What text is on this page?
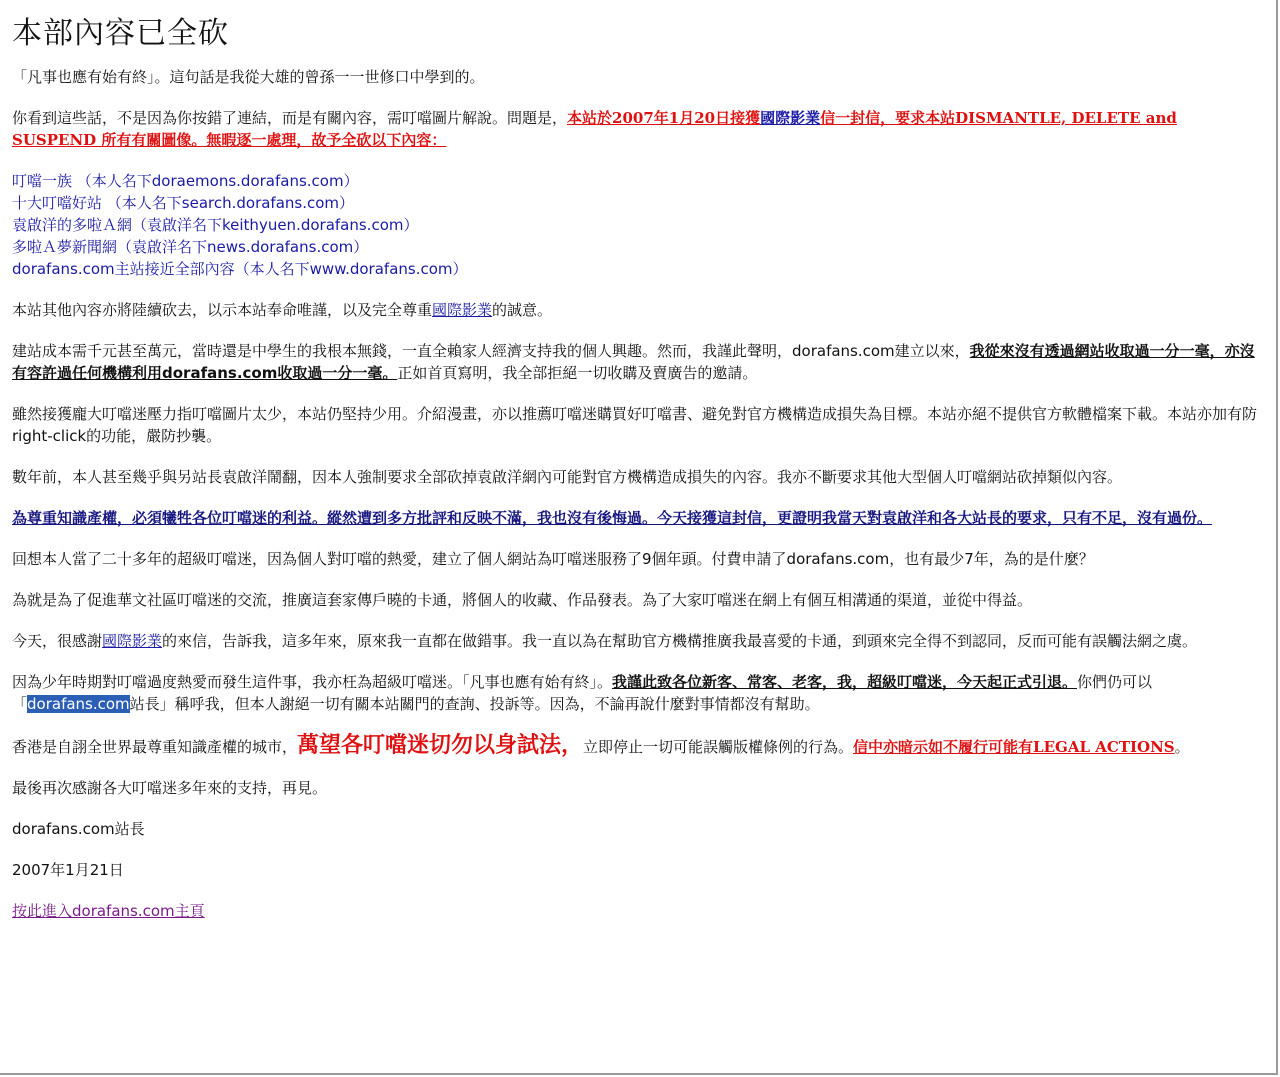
本部內容已全砍

「凡事也應有始有終」。這句話是我從大雄的曾孫一一世修口中學到的。

你看到這些話，不是因為你按錯了連結，而是有關內容，需叮噹圖片解說。問題是，本站於2007年1月20日接獲國際影業信一封信，要求本站DISMANTLE, DELETE and SUSPEND 所有有關圖像。無暇逐一處理，故予全砍以下內容：

叮噹一族 （本人名下doraemons.dorafans.com）
十大叮噹好站 （本人名下search.dorafans.com）
袁啟洋的多啦Ａ網（袁啟洋名下keithyuen.dorafans.com）
多啦Ａ夢新聞網（袁啟洋名下news.dorafans.com）
dorafans.com主站接近全部內容（本人名下www.dorafans.com）

本站其他內容亦將陸續砍去，以示本站奉命唯謹，以及完全尊重國際影業的誠意。

建站成本需千元甚至萬元，當時還是中學生的我根本無錢，一直全賴家人經濟支持我的個人興趣。然而，我謹此聲明，dorafans.com建立以來，我從來沒有透過網站收取過一分一毫，亦沒有容許過任何機構利用dorafans.com收取過一分一毫。正如首頁寫明，我全部拒絕一切收購及賣廣告的邀請。

雖然接獲龐大叮噹迷壓力指叮噹圖片太少，本站仍堅持少用。介紹漫畫，亦以推薦叮噹迷購買好叮噹書、避免對官方機構造成損失為目標。本站亦絕不提供官方軟體檔案下載。本站亦加有防right-click的功能，嚴防抄襲。

數年前，本人甚至幾乎與另站長袁啟洋鬧翻，因本人強制要求全部砍掉袁啟洋網內可能對官方機構造成損失的內容。我亦不斷要求其他大型個人叮噹網站砍掉類似內容。

為尊重知識產權，必須犧牲各位叮噹迷的利益。縱然遭到多方批評和反映不滿，我也沒有後悔過。今天接獲這封信，更證明我當天對袁啟洋和各大站長的要求，只有不足，沒有過份。

回想本人當了二十多年的超級叮噹迷，因為個人對叮噹的熱愛，建立了個人網站為叮噹迷服務了9個年頭。付費申請了dorafans.com，也有最少7年，為的是什麼？

為就是為了促進華文社區叮噹迷的交流，推廣這套家傳戶曉的卡通，將個人的收藏、作品發表。為了大家叮噹迷在網上有個互相溝通的渠道，並從中得益。

今天，很感謝國際影業的來信，告訴我，這多年來，原來我一直都在做錯事。我一直以為在幫助官方機構推廣我最喜愛的卡通，到頭來完全得不到認同，反而可能有誤觸法網之虞。

因為少年時期對叮噹過度熱愛而發生這件事，我亦枉為超級叮噹迷。「凡事也應有始有終」。我謹此致各位新客、常客、老客，我，超級叮噹迷，今天起正式引退。你們仍可以「dorafans.com站長」稱呼我，但本人謝絕一切有關本站關門的查詢、投訴等。因為，不論再說什麼對事情都沒有幫助。

香港是自詡全世界最尊重知識產權的城市，萬望各叮噹迷切勿以身試法，立即停止一切可能誤觸版權條例的行為。信中亦暗示如不履行可能有LEGAL ACTIONS。

最後再次感謝各大叮噹迷多年來的支持，再見。

dorafans.com站長

2007年1月21日

按此進入dorafans.com主頁
